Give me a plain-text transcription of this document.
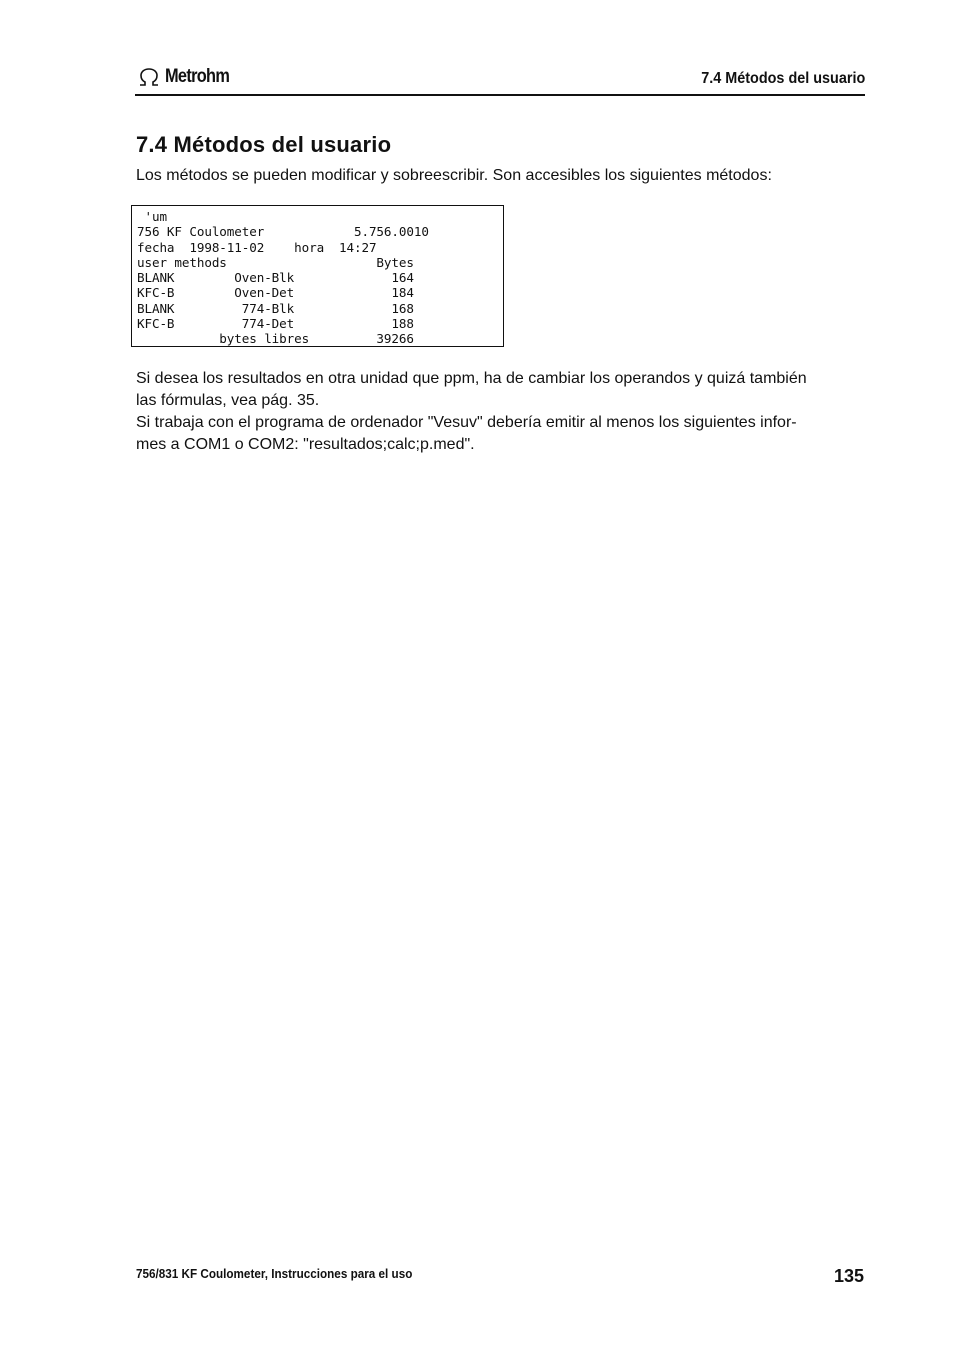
Metrohm	7.4 Métodos del usuario
7.4 Métodos del usuario

Los métodos se pueden modificar y sobreescribir. Son accesibles los siguientes métodos:

'um
756 KF Coulometer            5.756.0010
fecha  1998-11-02    hora  14:27
user methods                    Bytes
BLANK        Oven-Blk             164
KFC-B        Oven-Det             184
BLANK         774-Blk             168
KFC-B         774-Det             188
bytes libres         39266

Si desea los resultados en otra unidad que ppm, ha de cambiar los operandos y quizá también
las fórmulas, vea pág. 35.
Si trabaja con el programa de ordenador "Vesuv" debería emitir al menos los siguientes infor-
mes a COM1 o COM2: "resultados;calc;p.med".

756/831 KF Coulometer, Instrucciones para el uso	135
